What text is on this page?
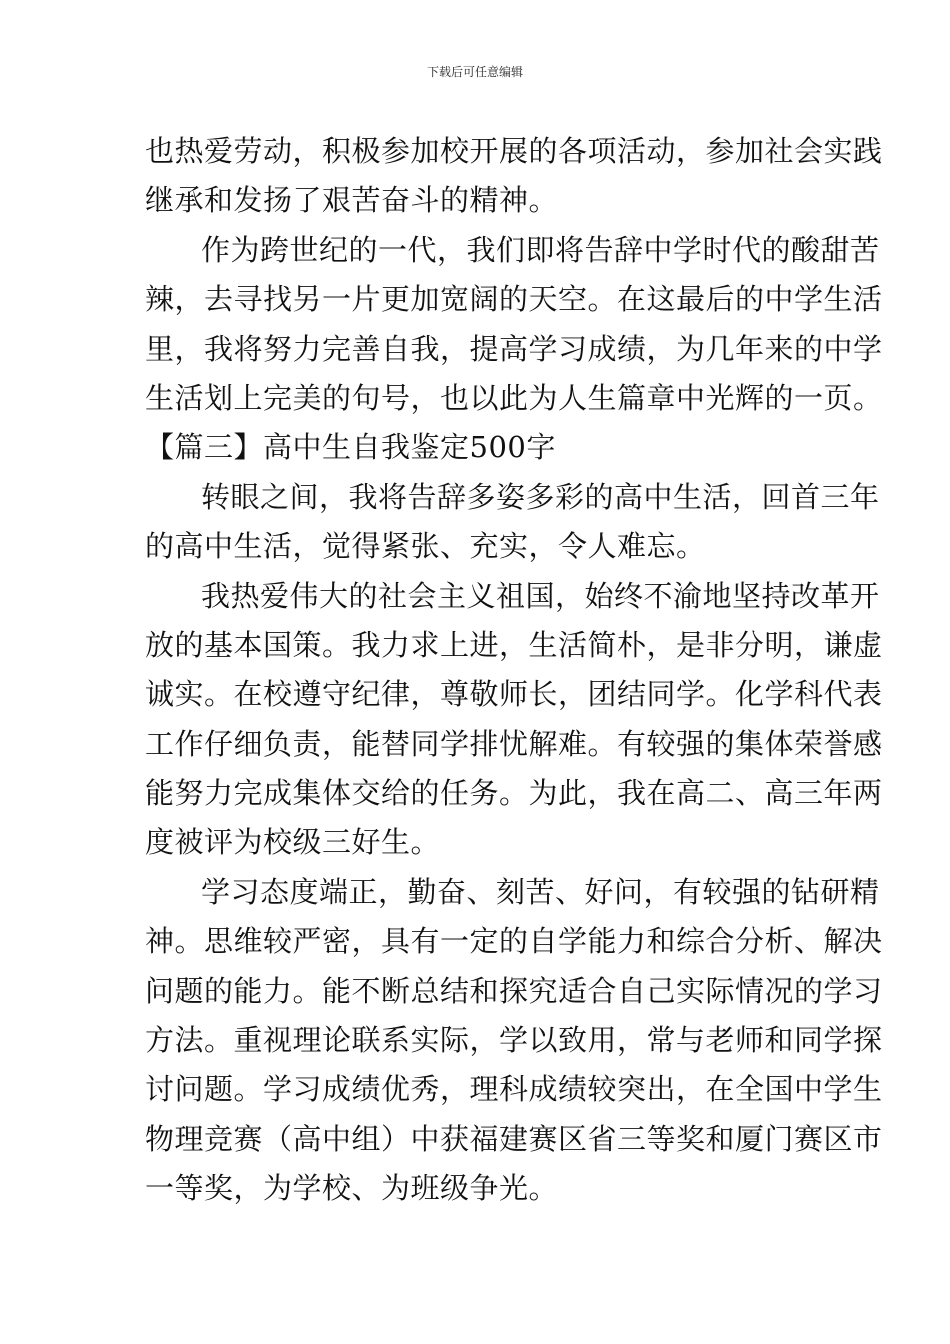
下载后可任意编辑
也热爱劳动，积极参加校开展的各项活动，参加社会实践
继承和发扬了艰苦奋斗的精神。
作为跨世纪的一代，我们即将告辞中学时代的酸甜苦
辣，去寻找另一片更加宽阔的天空。在这最后的中学生活
里，我将努力完善自我，提高学习成绩，为几年来的中学
生活划上完美的句号，也以此为人生篇章中光辉的一页。
【篇三】高中生自我鉴定500字
转眼之间，我将告辞多姿多彩的高中生活，回首三年
的高中生活，觉得紧张、充实，令人难忘。
我热爱伟大的社会主义祖国，始终不渝地坚持改革开
放的基本国策。我力求上进，生活简朴，是非分明，谦虚
诚实。在校遵守纪律，尊敬师长，团结同学。化学科代表
工作仔细负责，能替同学排忧解难。有较强的集体荣誉感
能努力完成集体交给的任务。为此，我在高二、高三年两
度被评为校级三好生。
学习态度端正，勤奋、刻苦、好问，有较强的钻研精
神。思维较严密，具有一定的自学能力和综合分析、解决
问题的能力。能不断总结和探究适合自己实际情况的学习
方法。重视理论联系实际，学以致用，常与老师和同学探
讨问题。学习成绩优秀，理科成绩较突出，在全国中学生
物理竞赛（高中组）中获福建赛区省三等奖和厦门赛区市
一等奖，为学校、为班级争光。
